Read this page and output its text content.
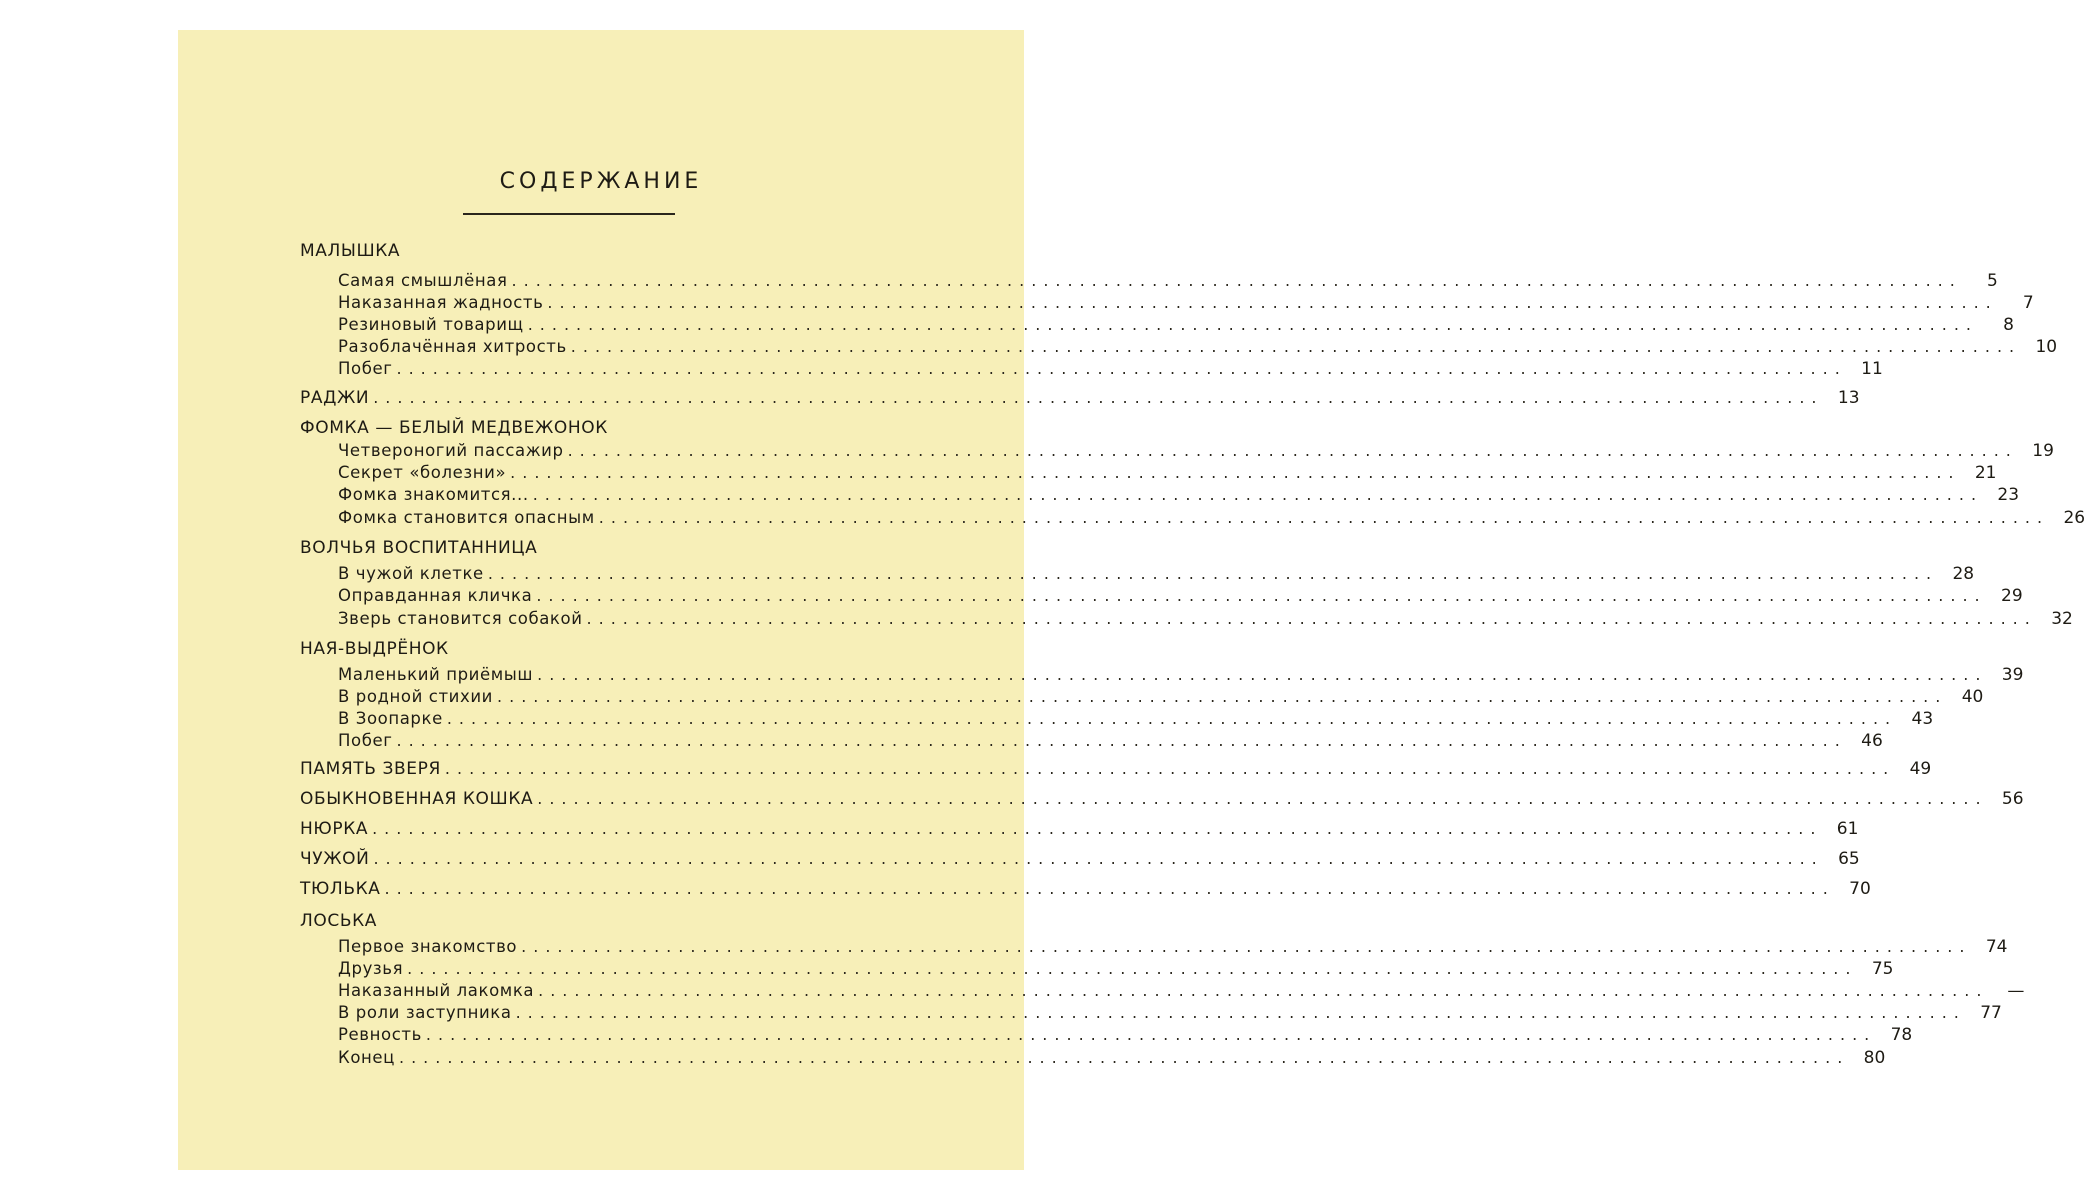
СОДЕРЖАНИЕ
МАЛЫШКА
Самая смышлёная ........................................................................................................................	5
Наказанная жадность ........................................................................................................................	7
Резиновый товарищ ........................................................................................................................	8
Разоблачённая хитрость ........................................................................................................................ 10
Побег ........................................................................................................................ 11
РАДЖИ ........................................................................................................................ 13
ФОМКА — БЕЛЫЙ МЕДВЕЖОНОК
Четвероногий пассажир ........................................................................................................................ 19
Секрет «болезни» ........................................................................................................................ 21
Фомка знакомится... ........................................................................................................................ 23
Фомка становится опасным ........................................................................................................................ 26
ВОЛЧЬЯ ВОСПИТАННИЦА
В чужой клетке ........................................................................................................................ 28
Оправданная кличка ........................................................................................................................ 29
Зверь становится собакой ........................................................................................................................ 32
НАЯ-ВЫДРЁНОК
Маленький приёмыш ........................................................................................................................ 39
В родной стихии ........................................................................................................................ 40
В Зоопарке ........................................................................................................................ 43
Побег ........................................................................................................................ 46
ПАМЯТЬ ЗВЕРЯ ........................................................................................................................ 49
ОБЫКНОВЕННАЯ КОШКА ........................................................................................................................ 56
НЮРКА ........................................................................................................................ 61
ЧУЖОЙ ........................................................................................................................ 65
ТЮЛЬКА ........................................................................................................................ 70
ЛОСЬКА
Первое знакомство ........................................................................................................................ 74
Друзья ........................................................................................................................ 75
Наказанный лакомка ........................................................................................................................	—
В роли заступника ........................................................................................................................ 77
Ревность ........................................................................................................................ 78
Конец ........................................................................................................................ 80
